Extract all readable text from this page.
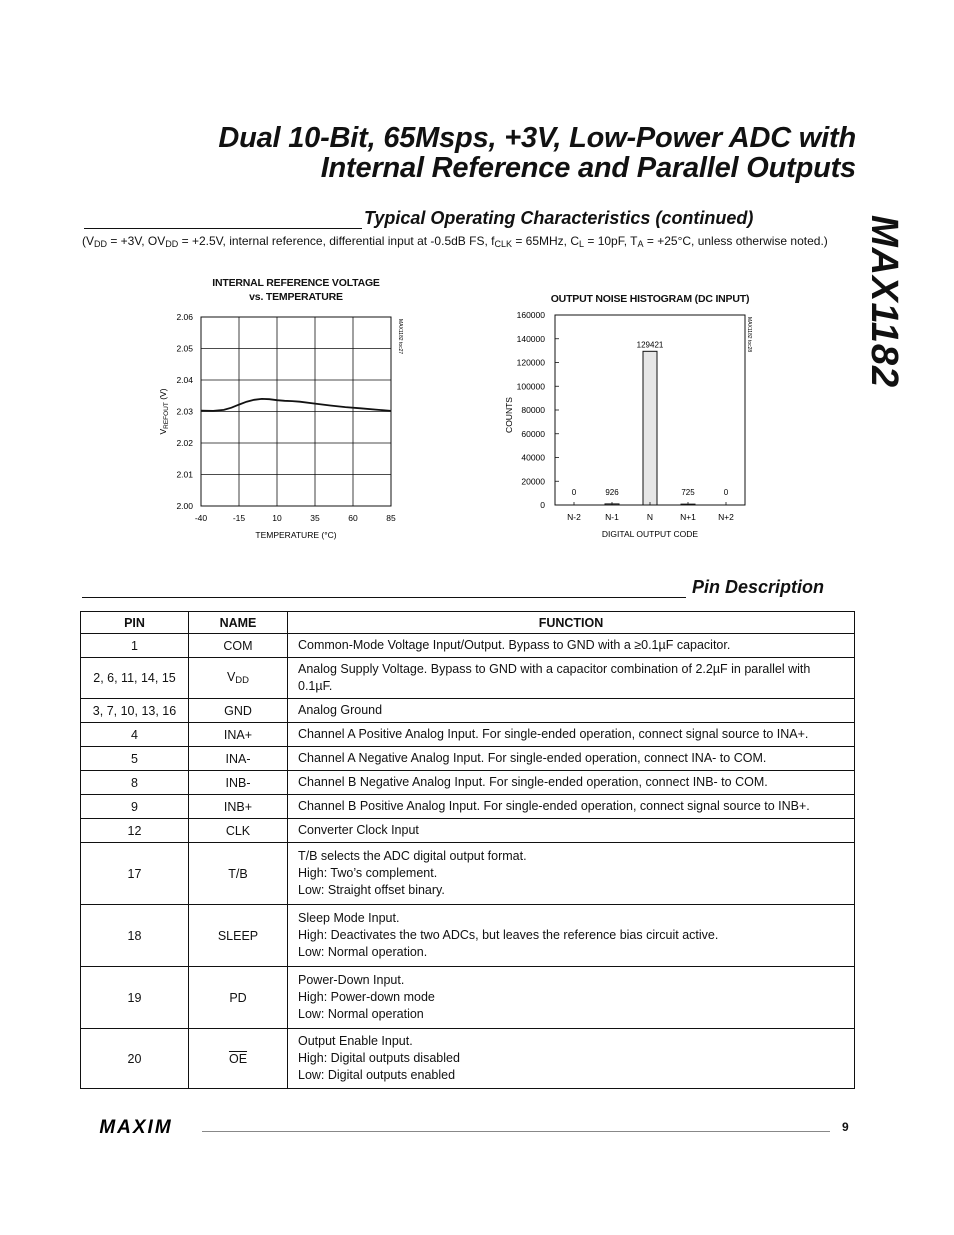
Dual 10-Bit, 65Msps, +3V, Low-Power ADC with
Internal Reference and Parallel Outputs
MAX1182
Typical Operating Characteristics (continued)
($V_{DD} = +3V$, $OV_{DD} = +2.5V$, internal reference, differential input at -0.5dB FS, $f_{CLK} = 65MHz$, $C_L = 10pF$, $T_A = +25^\circ C$, unless otherwise noted.)
INTERNAL REFERENCE VOLTAGE
vs. TEMPERATURE
-40	-15	10	35	60	85
2.00
2.01
2.02
2.03
2.04
2.05
2.06
TEMPERATURE (°C)
$V_{REFOUT}$ (V)
MAX1182 toc27
OUTPUT NOISE HISTOGRAM (DC INPUT)
0
20000
40000
60000
80000
100000
120000
140000
160000
0
N-2
926
N-1
129421
N
725
N+1
0
N+2
DIGITAL OUTPUT CODE
COUNTS
MAX1182 toc28
Pin Description
PIN	NAME	FUNCTION
1	COM	Common-Mode Voltage Input/Output. Bypass to GND with a ≥0.1µF capacitor.

2, 6, 11, 14, 15	$V_{DD}$	Analog Supply Voltage. Bypass to GND with a capacitor combination of 2.2µF in parallel with 0.1µF.

3, 7, 10, 13, 16	GND	Analog Ground

4	INA+	Channel A Positive Analog Input. For single-ended operation, connect signal source to INA+.

5	INA-	Channel A Negative Analog Input. For single-ended operation, connect INA- to COM.

8	INB-	Channel B Negative Analog Input. For single-ended operation, connect INB- to COM.

9	INB+	Channel B Positive Analog Input. For single-ended operation, connect signal source to INB+.

12	CLK	Converter Clock Input

17	T/B	T/B selects the ADC digital output format.
High: Two’s complement.
Low: Straight offset binary.

18	SLEEP	Sleep Mode Input.
High: Deactivates the two ADCs, but leaves the reference bias circuit active.
Low: Normal operation.

19	PD	Power-Down Input.
High: Power-down mode
Low: Normal operation

20	$\overline{OE}$	Output Enable Input.
High: Digital outputs disabled
Low: Digital outputs enabled
MAXIM	9
